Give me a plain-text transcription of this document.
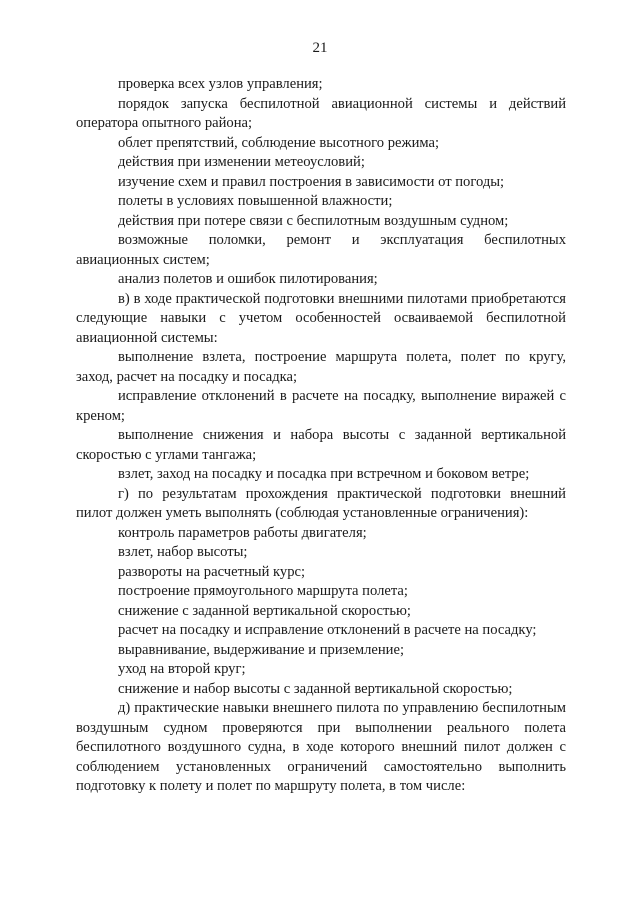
21

проверка всех узлов управления;

порядок запуска беспилотной авиационной системы и действий оператора опытного района;

облет препятствий, соблюдение высотного режима;

действия при изменении метеоусловий;

изучение схем и правил построения в зависимости от погоды;

полеты в условиях повышенной влажности;

действия при потере связи с беспилотным воздушным судном;

возможные поломки, ремонт и эксплуатация беспилотных авиационных систем;

анализ полетов и ошибок пилотирования;

в) в ходе практической подготовки внешними пилотами приобретаются следующие навыки с учетом особенностей осваиваемой беспилотной авиационной системы:

выполнение взлета, построение маршрута полета, полет по кругу, заход, расчет на посадку и посадка;

исправление отклонений в расчете на посадку, выполнение виражей с креном;

выполнение снижения и набора высоты с заданной вертикальной скоростью с углами тангажа;

взлет, заход на посадку и посадка при встречном и боковом ветре;

г) по результатам прохождения практической подготовки внешний пилот должен уметь выполнять (соблюдая установленные ограничения):

контроль параметров работы двигателя;

взлет, набор высоты;

развороты на расчетный курс;

построение прямоугольного маршрута полета;

снижение с заданной вертикальной скоростью;

расчет на посадку и исправление отклонений в расчете на посадку;

выравнивание, выдерживание и приземление;

уход на второй круг;

снижение и набор высоты с заданной вертикальной скоростью;

д) практические навыки внешнего пилота по управлению беспилотным воздушным судном проверяются при выполнении реального полета беспилотного воздушного судна, в ходе которого внешний пилот должен с соблюдением установленных ограничений самостоятельно выполнить подготовку к полету и полет по маршруту полета, в том числе:
